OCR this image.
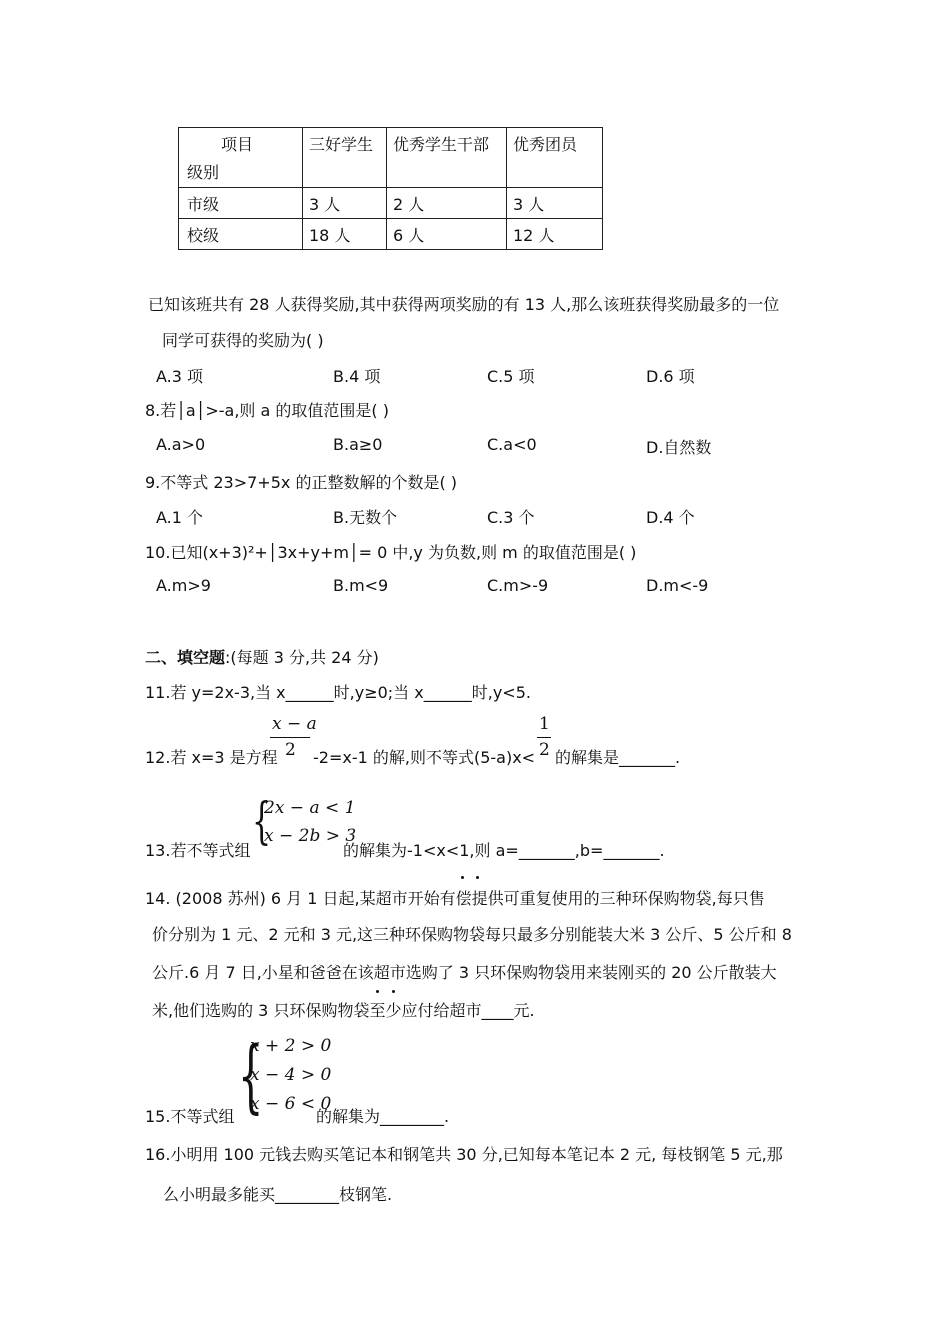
项目
级别
三好学生 优秀学生干部 优秀团员
市级	3 人	2 人	3 人
校级	18 人	6 人	12 人
已知该班共有 28 人获得奖励,其中获得两项奖励的有 13 人,那么该班获得奖励最多的一位
同学可获得的奖励为( )
A.3 项	B.4 项	C.5 项	D.6 项
8.若│a│>-a,则 a 的取值范围是( )
A.a>0	B.a≥0	C.a<0	D.自然数
9.不等式 23>7+5x 的正整数解的个数是( )
A.1 个	B.无数个	C.3 个	D.4 个
10.已知(x+3)²+│3x+y+m│= 0 中,y 为负数,则 m 的取值范围是( )
A.m>9	B.m<9	C.m>-9	D.m<-9
二、填空题:(每题 3 分,共 24 分)
11.若 y=2x-3,当 x______时,y≥0;当 x______时,y<5.
12.若 x=3 是方程
x − a
2 -2=x-1 的解,则不等式(5-a)x<
1
2 的解集是_______.
{
2x − a < 1
x − 2b > 3
13.若不等式组	的解集为-1<x<1,则 a=_______,b=_______.
14. (2008 苏州) 6 月 1 日起,某超市开始有偿提供可重复使用的三种环保购物袋,每只售
价分别为 1 元、2 元和 3 元,这三种环保购物袋每只最多分别能装大米 3 公斤、5 公斤和 8
公斤.6 月 7 日,小星和爸爸在该超市选购了 3 只环保购物袋用来装刚买的 20 公斤散装大
米,他们选购的 3 只环保购物袋至少应付给超市____元.
{
x + 2 > 0
x − 4 > 0
x − 6 < 0
15.不等式组	的解集为________.
16.小明用 100 元钱去购买笔记本和钢笔共 30 分,已知每本笔记本 2 元, 每枝钢笔 5 元,那
么小明最多能买________枝钢笔.
